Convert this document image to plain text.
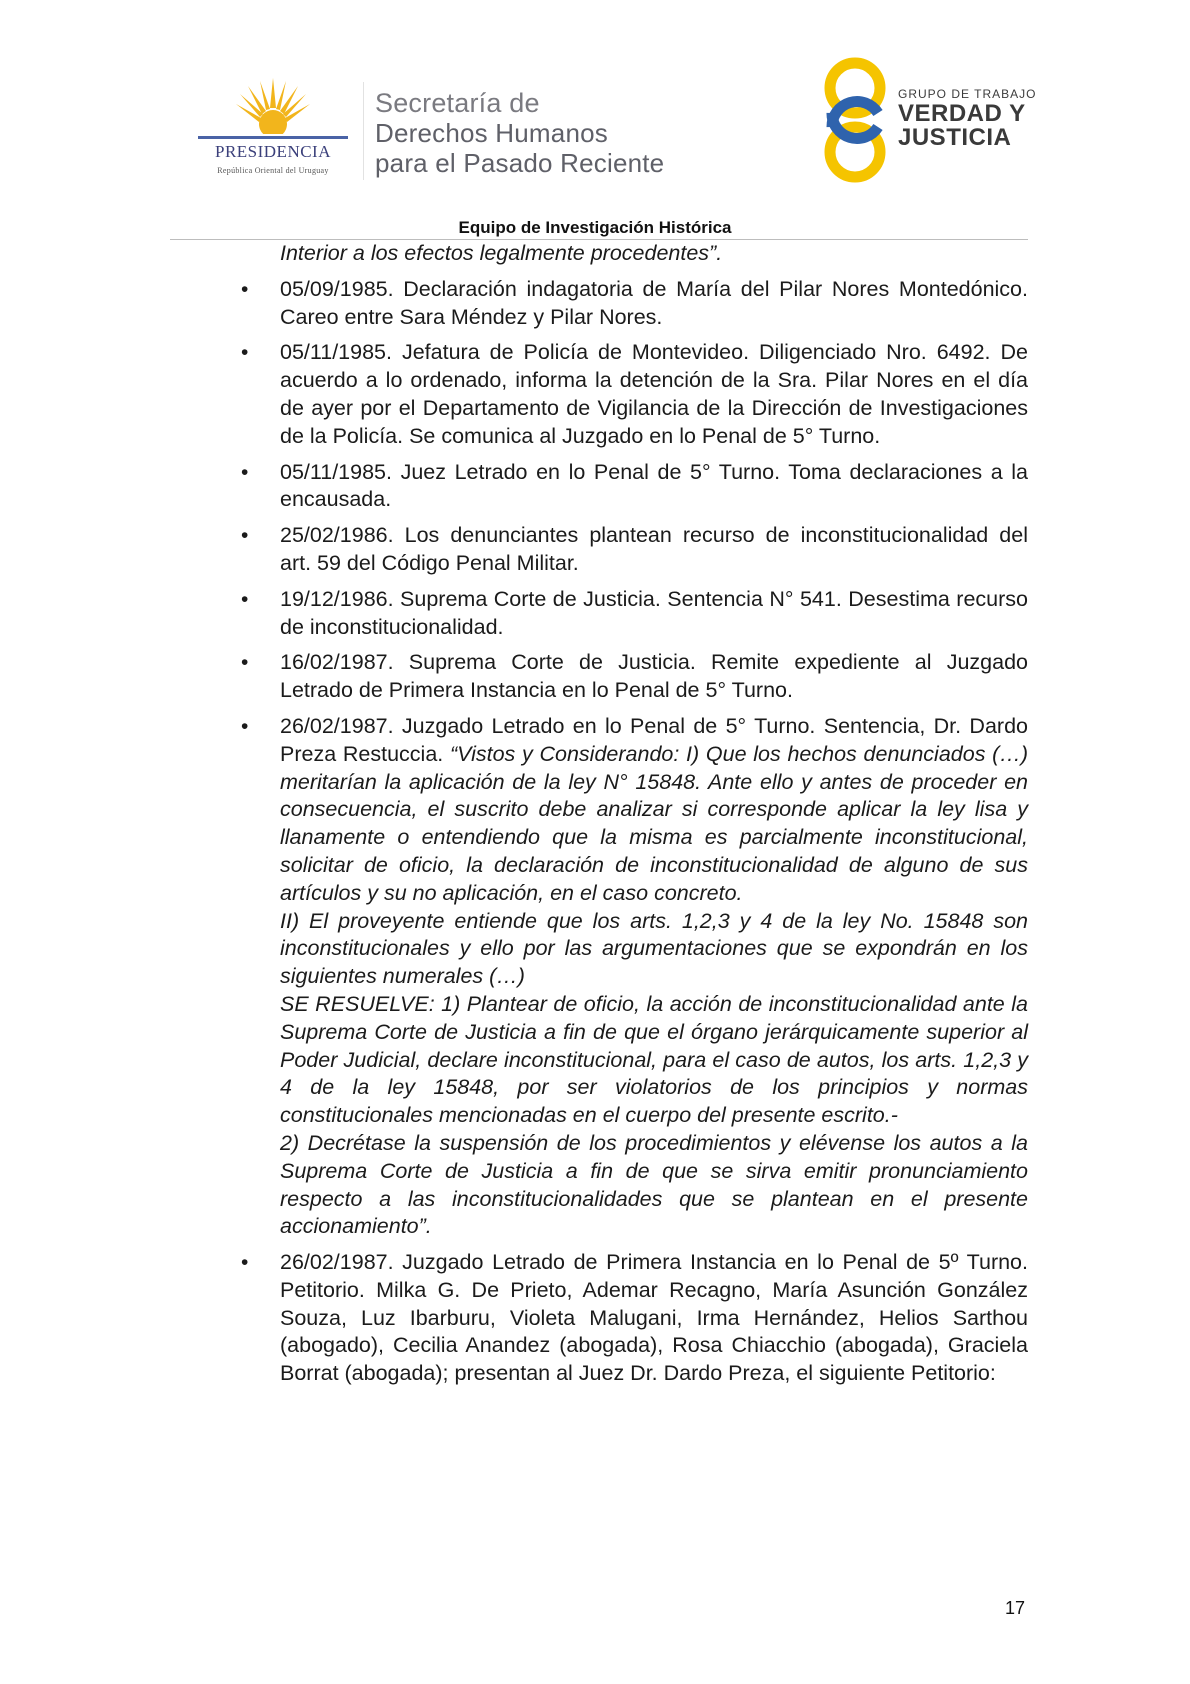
PRESIDENCIA
República Oriental del Uruguay
Secretaría de
Derechos Humanos
para el Pasado Reciente
GRUPO DE TRABAJO
VERDAD Y
JUSTICIA
Equipo de Investigación Histórica

Interior a los efectos legalmente procedentes”.

• 05/09/1985. Declaración indagatoria de María del Pilar Nores Montedónico. Careo entre Sara Méndez y Pilar Nores.

• 05/11/1985. Jefatura de Policía de Montevideo. Diligenciado Nro. 6492. De acuerdo a lo ordenado, informa la detención de la Sra. Pilar Nores en el día de ayer por el Departamento de Vigilancia de la Dirección de Investigaciones de la Policía. Se comunica al Juzgado en lo Penal de 5° Turno.

• 05/11/1985. Juez Letrado en lo Penal de 5° Turno. Toma declaraciones a la encausada.

• 25/02/1986. Los denunciantes plantean recurso de inconstitucionalidad del art. 59 del Código Penal Militar.

• 19/12/1986. Suprema Corte de Justicia. Sentencia N° 541. Desestima recurso de inconstitucionalidad.

• 16/02/1987. Suprema Corte de Justicia. Remite expediente al Juzgado Letrado de Primera Instancia en lo Penal de 5° Turno.

• 26/02/1987. Juzgado Letrado en lo Penal de 5° Turno. Sentencia, Dr. Dardo Preza Restuccia. “Vistos y Considerando: I) Que los hechos denunciados (…) meritarían la aplicación de la ley N° 15848. Ante ello y antes de proceder en consecuencia, el suscrito debe analizar si corresponde aplicar la ley lisa y llanamente o entendiendo que la misma es parcialmente inconstitucional, solicitar de oficio, la declaración de inconstitucionalidad de alguno de sus artículos y su no aplicación, en el caso concreto.

II) El proveyente entiende que los arts. 1,2,3 y 4 de la ley No. 15848 son inconstitucionales y ello por las argumentaciones que se expondrán en los siguientes numerales (…)

SE RESUELVE: 1) Plantear de oficio, la acción de inconstitucionalidad ante la Suprema Corte de Justicia a fin de que el órgano jerárquicamente superior al Poder Judicial, declare inconstitucional, para el caso de autos, los arts. 1,2,3 y 4 de la ley 15848, por ser violatorios de los principios y normas constitucionales mencionadas en el cuerpo del presente escrito.-

2) Decrétase la suspensión de los procedimientos y elévense los autos a la Suprema Corte de Justicia a fin de que se sirva emitir pronunciamiento respecto a las inconstitucionalidades que se plantean en el presente accionamiento”.

• 26/02/1987. Juzgado Letrado de Primera Instancia en lo Penal de 5º Turno. Petitorio. Milka G. De Prieto, Ademar Recagno, María Asunción González Souza, Luz Ibarburu, Violeta Malugani, Irma Hernández, Helios Sarthou (abogado), Cecilia Anandez (abogada), Rosa Chiacchio (abogada), Graciela Borrat (abogada); presentan al Juez Dr. Dardo Preza, el siguiente Petitorio:

17
